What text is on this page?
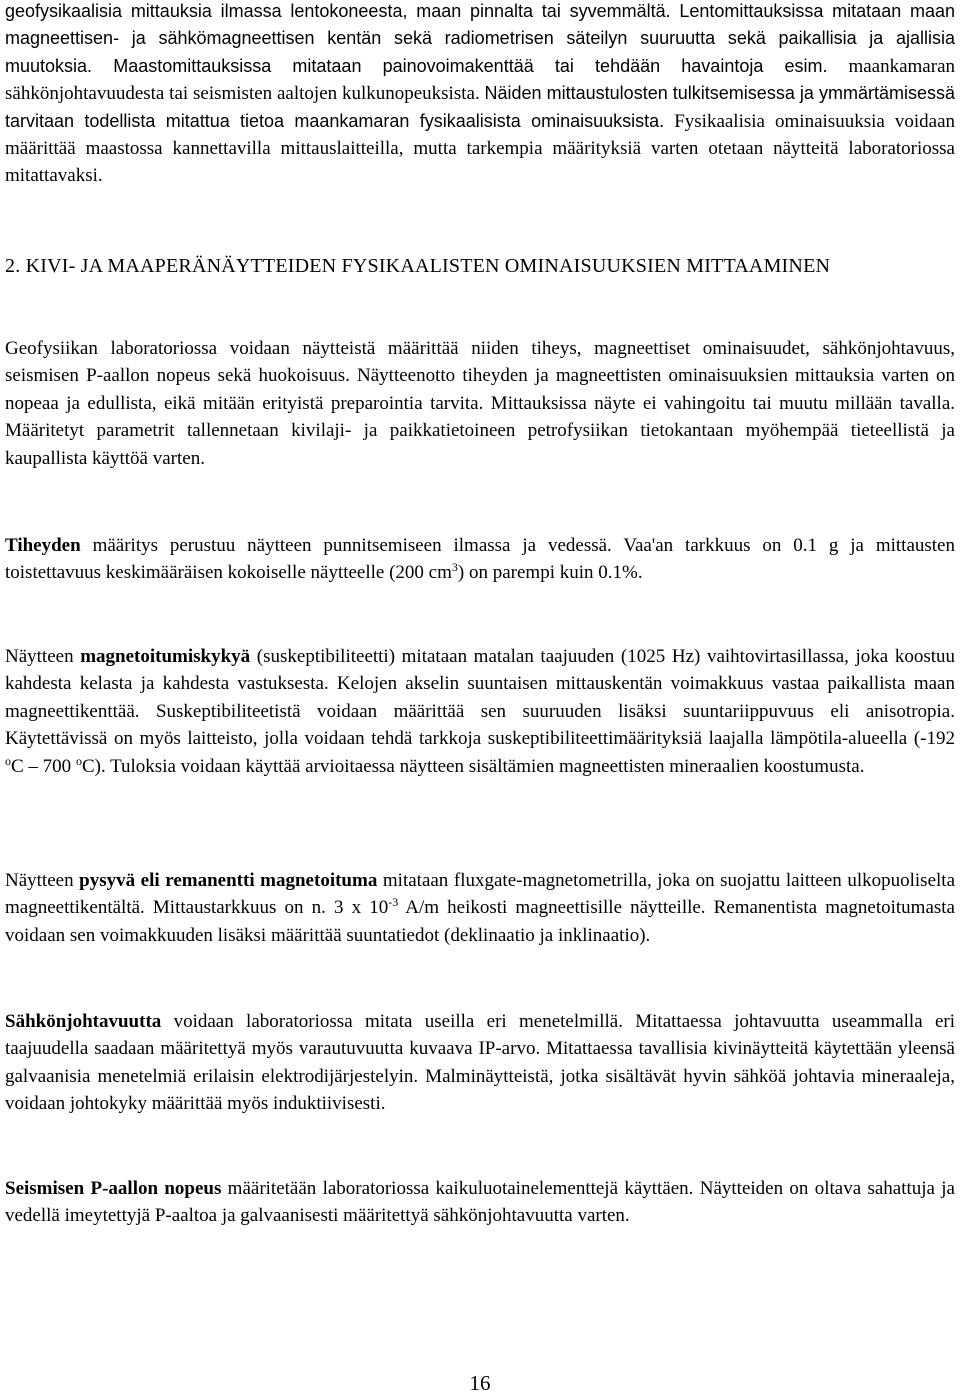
geofysikaalisia mittauksia ilmassa lentokoneesta, maan pinnalta tai syvemmältä. Lentomittauksissa mitataan maan magneettisen- ja sähkömagneettisen kentän sekä radiometrisen säteilyn suuruutta sekä paikallisia ja ajallisia muutoksia. Maastomittauksissa mitataan painovoimakenttää tai tehdään havaintoja esim. maankamaran sähkönjohtavuudesta tai seismisten aaltojen kulkunopeuksista. Näiden mittaustulosten tulkitsemisessa ja ymmärtämisessä tarvitaan todellista mitattua tietoa maankamaran fysikaalisista ominaisuuksista. Fysikaalisia ominaisuuksia voidaan määrittää maastossa kannettavilla mittauslaitteilla, mutta tarkempia määrityksiä varten otetaan näytteitä laboratoriossa mitattavaksi.

2. KIVI- JA MAAPERÄNÄYTTEIDEN FYSIKAALISTEN OMINAISUUKSIEN MITTAAMINEN

Geofysiikan laboratoriossa voidaan näytteistä määrittää niiden tiheys, magneettiset ominaisuudet, sähkönjohtavuus, seismisen P-aallon nopeus sekä huokoisuus. Näytteenotto tiheyden ja magneettisten ominaisuuksien mittauksia varten on nopeaa ja edullista, eikä mitään erityistä preparointia tarvita. Mittauksissa näyte ei vahingoitu tai muutu millään tavalla. Määritetyt parametrit tallennetaan kivilaji- ja paikkatietoineen petrofysiikan tietokantaan myöhempää tieteellistä ja kaupallista käyttöä varten.

Tiheyden määritys perustuu näytteen punnitsemiseen ilmassa ja vedessä. Vaa'an tarkkuus on 0.1 g ja mittausten toistettavuus keskimääräisen kokoiselle näytteelle (200 $cm^3$) on parempi kuin 0.1%.

Näytteen magnetoitumiskykyä (suskeptibiliteetti) mitataan matalan taajuuden (1025 Hz) vaihtovirtasillassa, joka koostuu kahdesta kelasta ja kahdesta vastuksesta. Kelojen akselin suuntaisen mittauskentän voimakkuus vastaa paikallista maan magneettikenttää. Suskeptibiliteetistä voidaan määrittää sen suuruuden lisäksi suuntariippuvuus eli anisotropia. Käytettävissä on myös laitteisto, jolla voidaan tehdä tarkkoja suskeptibiliteettimäärityksiä laajalla lämpötila-alueella (-192 $^o$C – 700 $^o$C). Tuloksia voidaan käyttää arvioitaessa näytteen sisältämien magneettisten mineraalien koostumusta.

Näytteen pysyvä eli remanentti magnetoituma mitataan fluxgate-magnetometrilla, joka on suojattu laitteen ulkopuoliselta magneettikentältä. Mittaustarkkuus on n. 3 x $10^{-3}$ A/m heikosti magneettisille näytteille. Remanentista magnetoitumasta voidaan sen voimakkuuden lisäksi määrittää suuntatiedot (deklinaatio ja inklinaatio).

Sähkönjohtavuutta voidaan laboratoriossa mitata useilla eri menetelmillä. Mitattaessa johtavuutta useammalla eri taajuudella saadaan määritettyä myös varautuvuutta kuvaava IP-arvo. Mitattaessa tavallisia kivinäytteitä käytettään yleensä galvaanisia menetelmiä erilaisin elektrodijärjestelyin. Malminäytteistä, jotka sisältävät hyvin sähköä johtavia mineraaleja, voidaan johtokyky määrittää myös induktiivisesti.

Seismisen P-aallon nopeus määritetään laboratoriossa kaikuluotainelementtejä käyttäen. Näytteiden on oltava sahattuja ja vedellä imeytettyjä P-aaltoa ja galvaanisesti määritettyä sähkönjohtavuutta varten.

16
